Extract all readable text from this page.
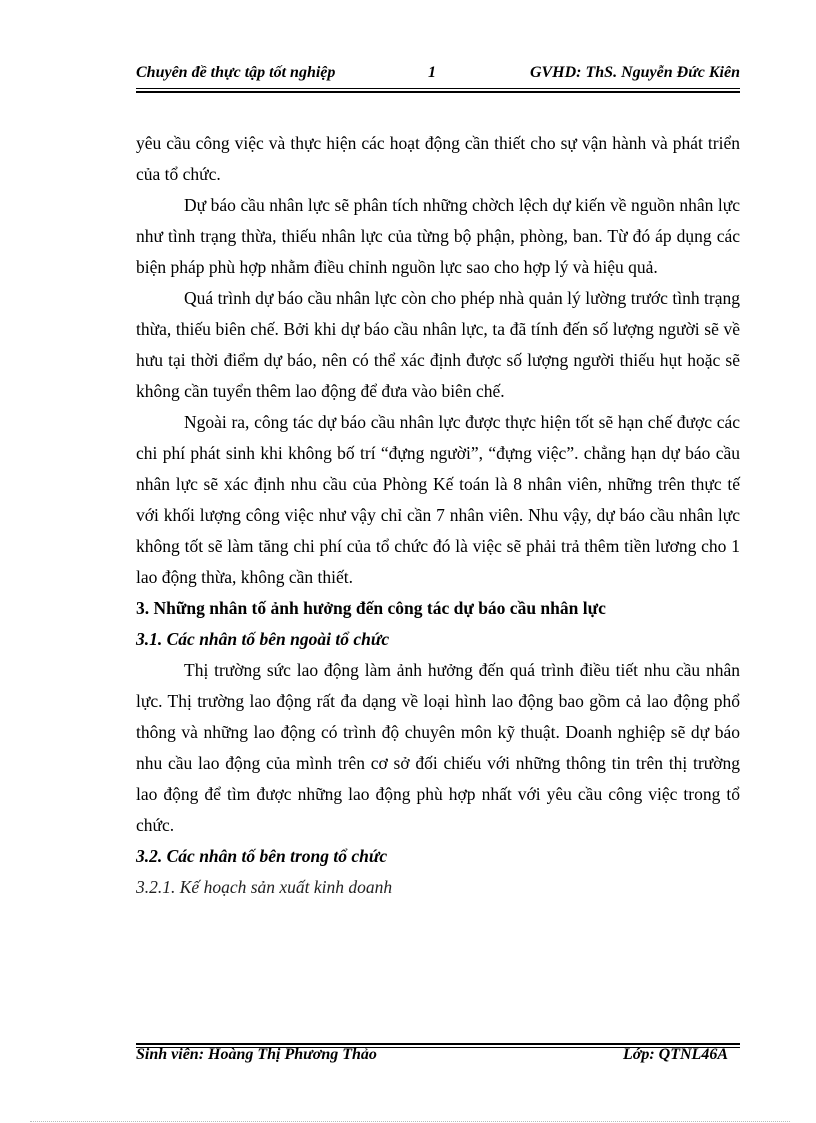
Chuyên đề thực tập tốt nghiệp	1	GVHD: ThS. Nguyễn Đức Kiên

yêu cầu công việc và thực hiện các hoạt động cần thiết cho sự vận hành và phát triển của tổ chức.

Dự báo cầu nhân lực sẽ phân tích những chờch lệch dự kiến về nguồn nhân lực như tình trạng thừa, thiếu nhân lực của từng bộ phận, phòng, ban. Từ đó áp dụng các biện pháp phù hợp nhằm điều chỉnh nguồn lực sao cho hợp lý và hiệu quả.

Quá trình dự báo cầu nhân lực còn cho phép nhà quản lý lường trước tình trạng thừa, thiếu biên chế. Bởi khi dự báo cầu nhân lực, ta đã tính đến số lượng người sẽ về hưu tại thời điểm dự báo, nên có thể xác định được số lượng người thiếu hụt hoặc sẽ không cần tuyển thêm lao động để đưa vào biên chế.

Ngoài ra, công tác dự báo cầu nhân lực được thực hiện tốt sẽ hạn chế được các chi phí phát sinh khi không bố trí “đựng người”, “đựng việc”. chẳng hạn dự báo cầu nhân lực sẽ xác định nhu cầu của Phòng Kế toán là 8 nhân viên, những trên thực tế với khối lượng công việc như vậy chỉ cần 7 nhân viên. Nhu vậy, dự báo cầu nhân lực không tốt sẽ làm tăng chi phí của tổ chức đó là việc sẽ phải trả thêm tiền lương cho 1 lao động thừa, không cần thiết.

3. Những nhân tố ảnh hưởng đến công tác dự báo cầu nhân lực

3.1. Các nhân tố bên ngoài tổ chức

Thị trường sức lao động làm ảnh hưởng đến quá trình điều tiết nhu cầu nhân lực. Thị trường lao động rất đa dạng về loại hình lao động bao gồm cả lao động phổ thông và những lao động có trình độ chuyên môn kỹ thuật. Doanh nghiệp sẽ dự báo nhu cầu lao động của mình trên cơ sở đối chiếu với những thông tin trên thị trường lao động để tìm được những lao động phù hợp nhất với yêu cầu công việc trong tổ chức.

3.2. Các nhân tố bên trong tổ chức

3.2.1. Kế hoạch sản xuất kinh doanh

Sinh viên: Hoàng Thị Phương Thảo	Lớp: QTNL46A
